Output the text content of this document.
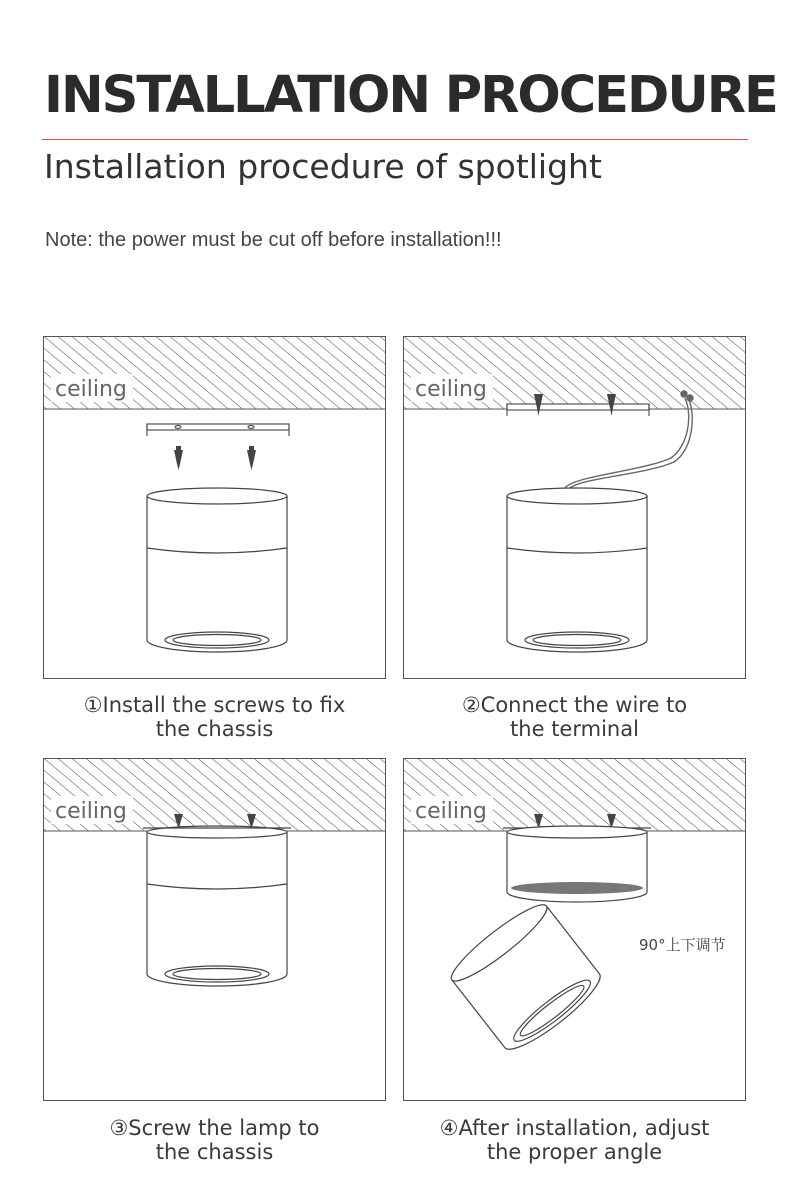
INSTALLATION PROCEDURE
Installation procedure of spotlight
Note: the power must be cut off before installation!!!
ceiling
①Install the screws to fix
the chassis
ceiling
②Connect the wire to
the terminal
ceiling
③Screw the lamp to
the chassis
ceiling
90°上下调节
④After installation, adjust
the proper angle
